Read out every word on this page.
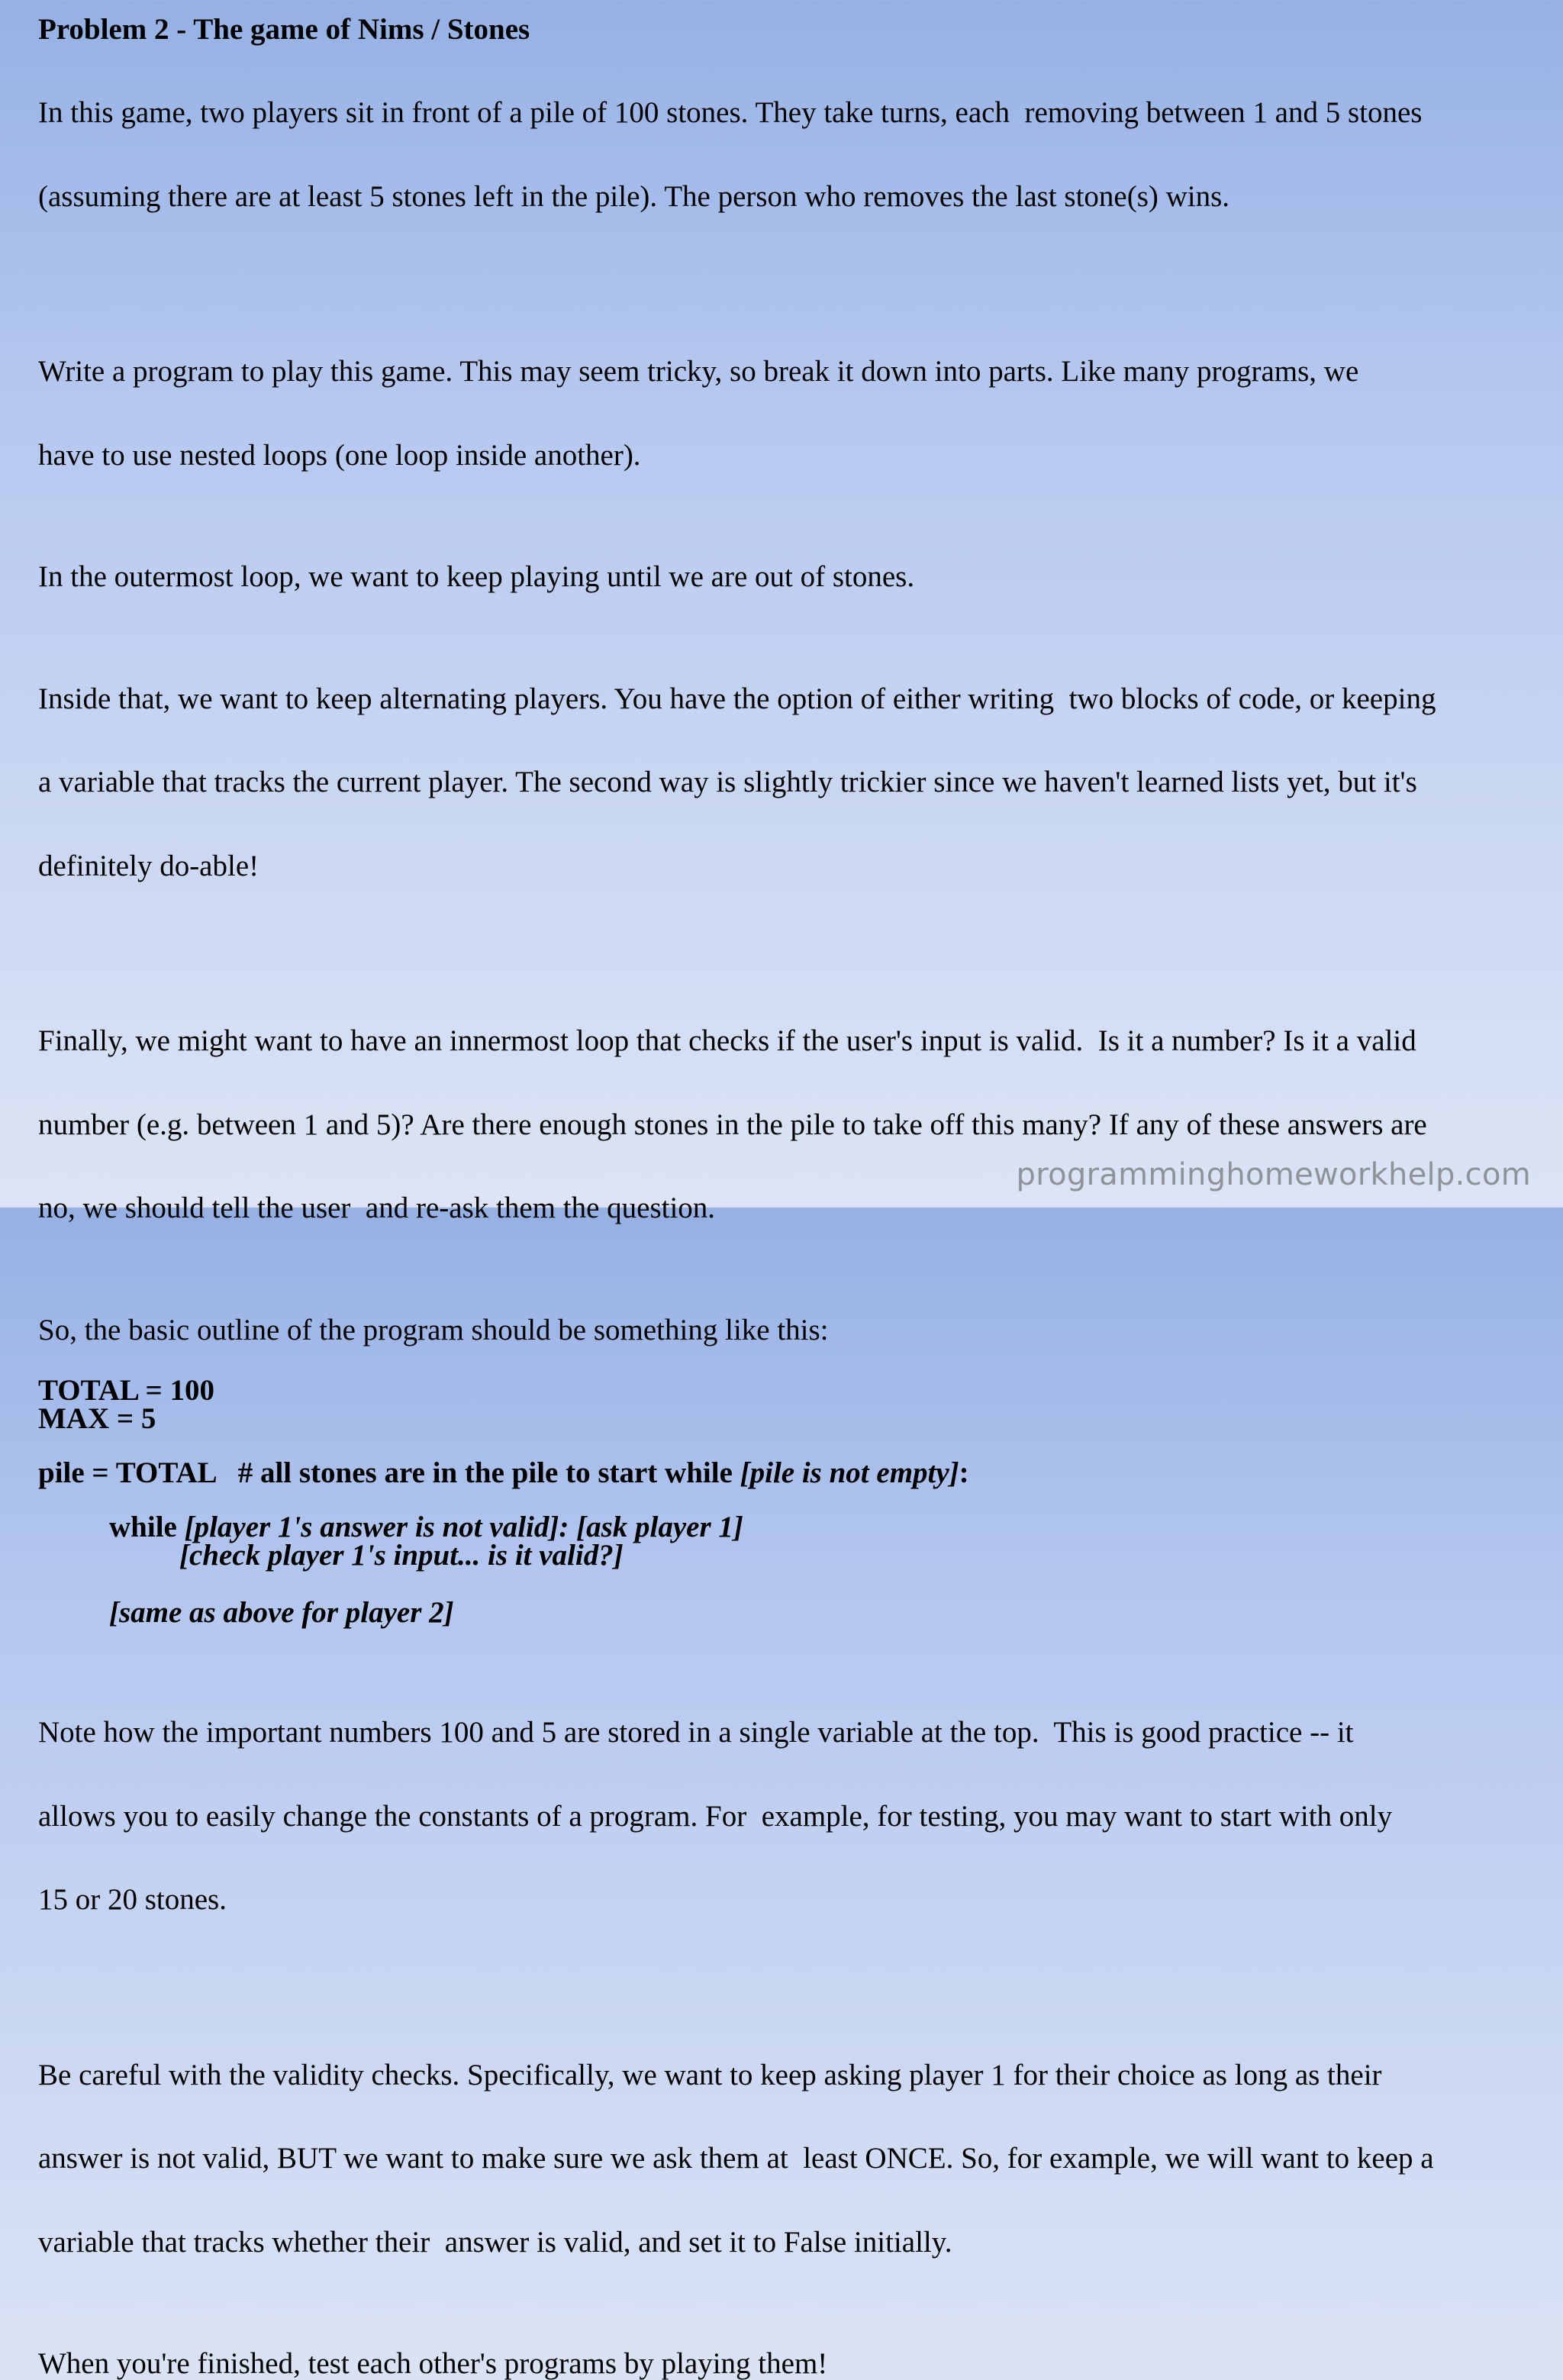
Problem 2 - The game of Nims / Stones

In this game, two players sit in front of a pile of 100 stones. They take turns, each  removing between 1 and 5 stones

(assuming there are at least 5 stones left in the pile). The person who removes the last stone(s) wins.

Write a program to play this game. This may seem tricky, so break it down into parts. Like many programs, we

have to use nested loops (one loop inside another).

In the outermost loop, we want to keep playing until we are out of stones.

Inside that, we want to keep alternating players. You have the option of either writing  two blocks of code, or keeping

a variable that tracks the current player. The second way is slightly trickier since we haven't learned lists yet, but it's

definitely do-able!

Finally, we might want to have an innermost loop that checks if the user's input is valid.  Is it a number? Is it a valid

number (e.g. between 1 and 5)? Are there enough stones in the pile to take off this many? If any of these answers are

no, we should tell the user  and re-ask them the question.

So, the basic outline of the program should be something like this:

TOTAL = 100
MAX = 5
pile = TOTAL   # all stones are in the pile to start while [pile is not empty]:
while [player 1's answer is not valid]: [ask player 1]
[check player 1's input... is it valid?]
[same as above for player 2]

Note how the important numbers 100 and 5 are stored in a single variable at the top.  This is good practice -- it

allows you to easily change the constants of a program. For  example, for testing, you may want to start with only

15 or 20 stones.

Be careful with the validity checks. Specifically, we want to keep asking player 1 for their choice as long as their

answer is not valid, BUT we want to make sure we ask them at  least ONCE. So, for example, we will want to keep a

variable that tracks whether their  answer is valid, and set it to False initially.

When you're finished, test each other's programs by playing them!

programminghomeworkhelp.com
